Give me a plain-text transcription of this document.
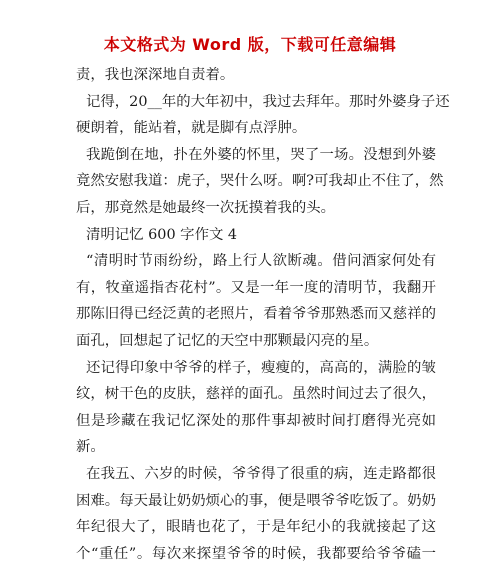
本文格式为 Word 版，下载可任意编辑
责，我也深深地自责着。
记得，20__年的大年初中，我过去拜年。那时外婆身子还
硬朗着，能站着，就是脚有点浮肿。
我跪倒在地，扑在外婆的怀里，哭了一场。没想到外婆
竟然安慰我道：虎子，哭什么呀。啊?可我却止不住了，然
后，那竟然是她最终一次抚摸着我的头。
清明记忆 600 字作文 4
“清明时节雨纷纷，路上行人欲断魂。借问酒家何处有
有，牧童遥指杏花村”。又是一年一度的清明节，我翻开
那陈旧得已经泛黄的老照片，看着爷爷那熟悉而又慈祥的
面孔，回想起了记忆的天空中那颗最闪亮的星。
还记得印象中爷爷的样子，瘦瘦的，高高的，满脸的皱
纹，树干色的皮肤，慈祥的面孔。虽然时间过去了很久，
但是珍藏在我记忆深处的那件事却被时间打磨得光亮如
新。
在我五、六岁的时候，爷爷得了很重的病，连走路都很
困难。每天最让奶奶烦心的事，便是喂爷爷吃饭了。奶奶
年纪很大了，眼睛也花了，于是年纪小的我就接起了这
个“重任”。每次来探望爷爷的时候，我都要给爷爷磕一
